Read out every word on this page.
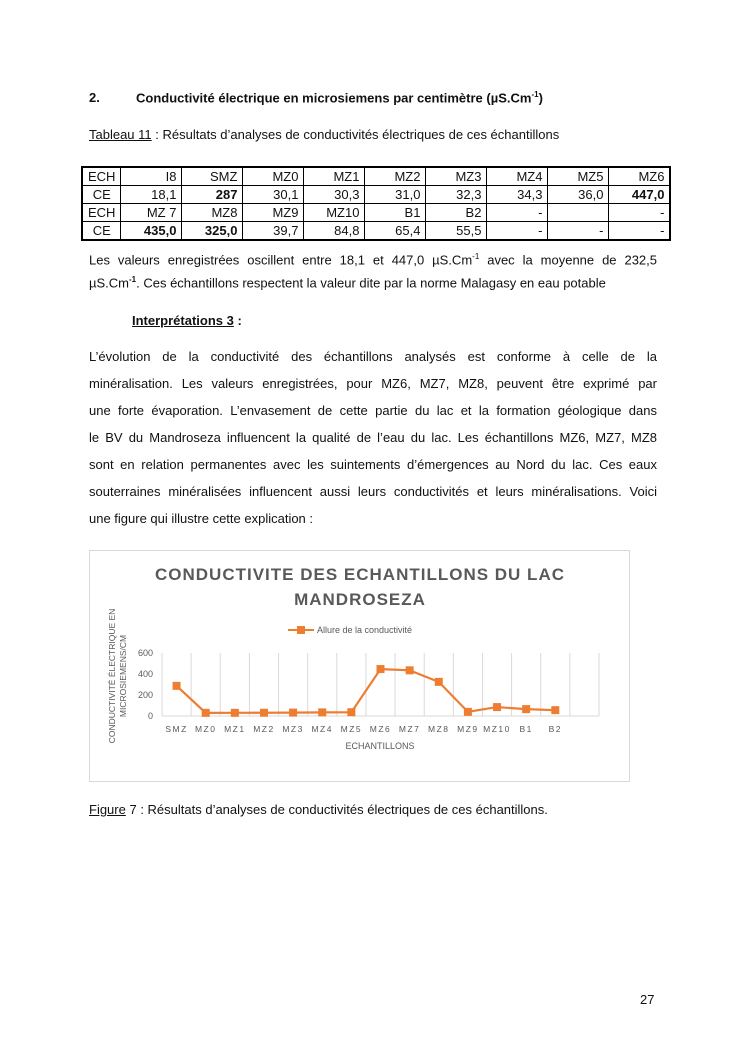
2.	Conductivité électrique en microsiemens par centimètre $(\mu S.Cm^{-1})$
Tableau 11 : Résultats d’analyses de conductivités électriques de ces échantillons
ECH	I8	SMZ	MZ0	MZ1	MZ2	MZ3	MZ4	MZ5	MZ6
CE	18,1	287	30,1	30,3	31,0	32,3	34,3	36,0	447,0
ECH	MZ 7	MZ8	MZ9	MZ10	B1	B2	-		-
CE	435,0	325,0	39,7	84,8	65,4	55,5	-	-	-
Les valeurs enregistrées oscillent entre 18,1 et 447,0 $\mu S.Cm^{-1}$ avec la moyenne de 232,5
$\mu S.Cm^{-1}$. Ces échantillons respectent la valeur dite par la norme Malagasy en eau potable
Interprétations 3 :
L’évolution de la conductivité des échantillons analysés est conforme à celle de la
minéralisation. Les valeurs enregistrées, pour MZ6, MZ7, MZ8, peuvent être exprimé par
une forte évaporation. L’envasement de cette partie du lac et la formation géologique dans
le BV du Mandroseza influencent la qualité de l’eau du lac. Les échantillons MZ6, MZ7, MZ8
sont en relation permanentes avec les suintements d’émergences au Nord du lac. Ces eaux
souterraines minéralisées influencent aussi leurs conductivités et leurs minéralisations. Voici
une figure qui illustre cette explication :
CONDUCTIVITE DES ECHANTILLONS DU LAC
MANDROSEZA
Allure de la conductivité
0
200
400
600
SMZ MZ0 MZ1 MZ2 MZ3 MZ4 MZ5 MZ6 MZ7 MZ8 MZ9 MZ10 B1 B2
ECHANTILLONS
CONDUCTIVITÉ ÉLECTRIQUE EN MICROSIEMENS/CM
Figure 7 : Résultats d’analyses de conductivités électriques de ces échantillons.
27
